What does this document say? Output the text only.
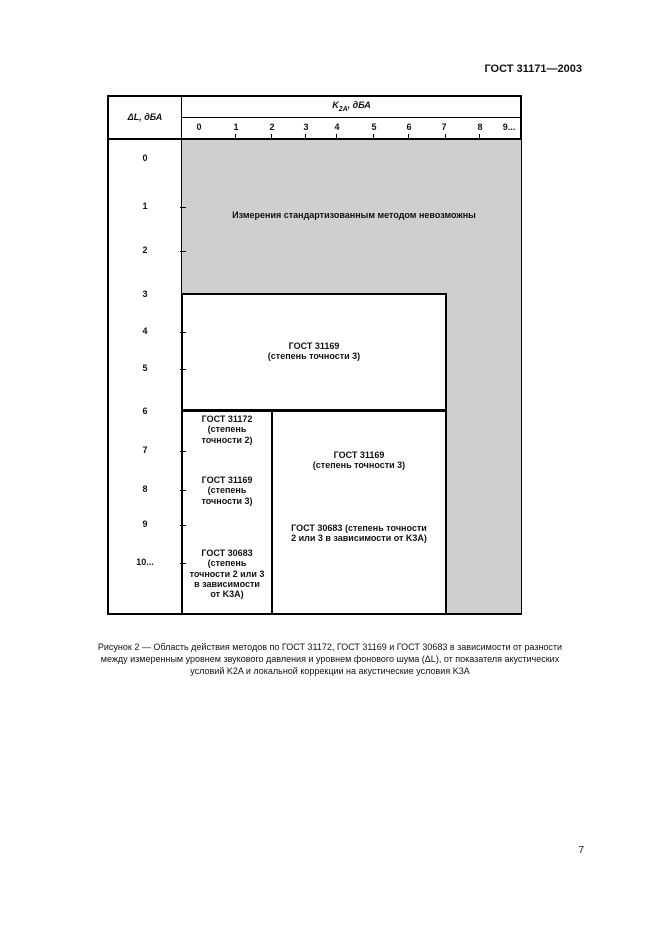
ГОСТ 31171—2003
ΔL, дБА
$K_{2A}$, дБА
0	1	2	3	4	5	6	7	8	9...
0
1
2
3
4
5
6
7
8
9
10...
Измерения стандартизованным методом невозможны
ГОСТ 31169
(степень точности 3)
ГОСТ 31172
(степень
точности 2)
ГОСТ 31169
(степень
точности 3)
ГОСТ 30683
(степень
точности 2 или 3
в зависимости
от K3A)
ГОСТ 31169
(степень точности 3)
ГОСТ 30683 (степень точности
2 или 3 в зависимости от K3A)
Рисунок 2 — Область действия методов по ГОСТ 31172, ГОСТ 31169 и ГОСТ 30683 в зависимости от разности
между измеренным уровнем звукового давления и уровнем фонового шума (ΔL), от показателя акустических
условий K2A и локальной коррекции на акустические условия K3A
7
